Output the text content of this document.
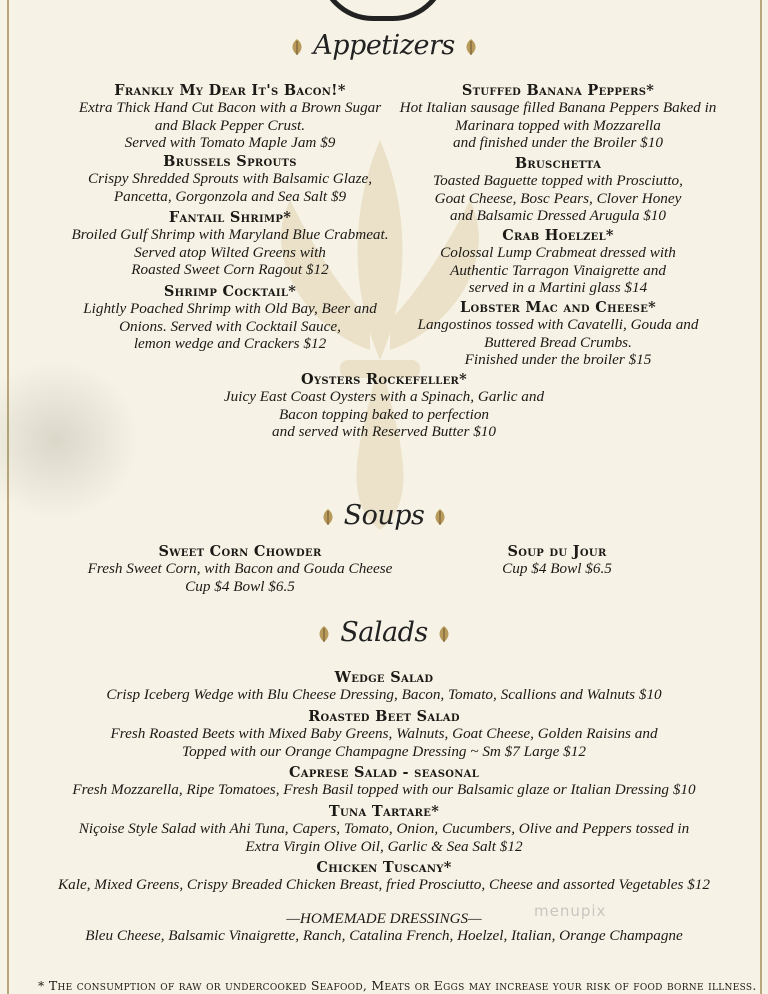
Appetizers
Frankly My Dear It's Bacon!*
Extra Thick Hand Cut Bacon with a Brown Sugar
and Black Pepper Crust.
Served with Tomato Maple Jam $9
Brussels Sprouts
Crispy Shredded Sprouts with Balsamic Glaze,
Pancetta, Gorgonzola and Sea Salt $9
Fantail Shrimp*
Broiled Gulf Shrimp with Maryland Blue Crabmeat.
Served atop Wilted Greens with
Roasted Sweet Corn Ragout $12
Shrimp Cocktail*
Lightly Poached Shrimp with Old Bay, Beer and
Onions. Served with Cocktail Sauce,
lemon wedge and Crackers $12
Stuffed Banana Peppers*
Hot Italian sausage filled Banana Peppers Baked in
Marinara topped with Mozzarella
and finished under the Broiler $10
Bruschetta
Toasted Baguette topped with Prosciutto,
Goat Cheese, Bosc Pears, Clover Honey
and Balsamic Dressed Arugula $10
Crab Hoelzel*
Colossal Lump Crabmeat dressed with
Authentic Tarragon Vinaigrette and
served in a Martini glass $14
Lobster Mac and Cheese*
Langostinos tossed with Cavatelli, Gouda and
Buttered Bread Crumbs.
Finished under the broiler $15
Oysters Rockefeller*
Juicy East Coast Oysters with a Spinach, Garlic and
Bacon topping baked to perfection
and served with Reserved Butter $10
Soups
Sweet Corn Chowder
Fresh Sweet Corn, with Bacon and Gouda Cheese
Cup $4 Bowl $6.5
Soup du Jour
Cup $4 Bowl $6.5
Salads
Wedge Salad
Crisp Iceberg Wedge with Blu Cheese Dressing, Bacon, Tomato, Scallions and Walnuts $10
Roasted Beet Salad
Fresh Roasted Beets with Mixed Baby Greens, Walnuts, Goat Cheese, Golden Raisins and
Topped with our Orange Champagne Dressing ~ Sm $7 Large $12
Caprese Salad - seasonal
Fresh Mozzarella, Ripe Tomatoes, Fresh Basil topped with our Balsamic glaze or Italian Dressing $10
Tuna Tartare*
Niçoise Style Salad with Ahi Tuna, Capers, Tomato, Onion, Cucumbers, Olive and Peppers tossed in
Extra Virgin Olive Oil, Garlic & Sea Salt $12
Chicken Tuscany*
Kale, Mixed Greens, Crispy Breaded Chicken Breast, fried Prosciutto, Cheese and assorted Vegetables $12
—HOMEMADE DRESSINGS—
Bleu Cheese, Balsamic Vinaigrette, Ranch, Catalina French, Hoelzel, Italian, Orange Champagne
menupix
* The consumption of raw or undercooked Seafood, Meats or Eggs may increase your risk of food borne illness.
